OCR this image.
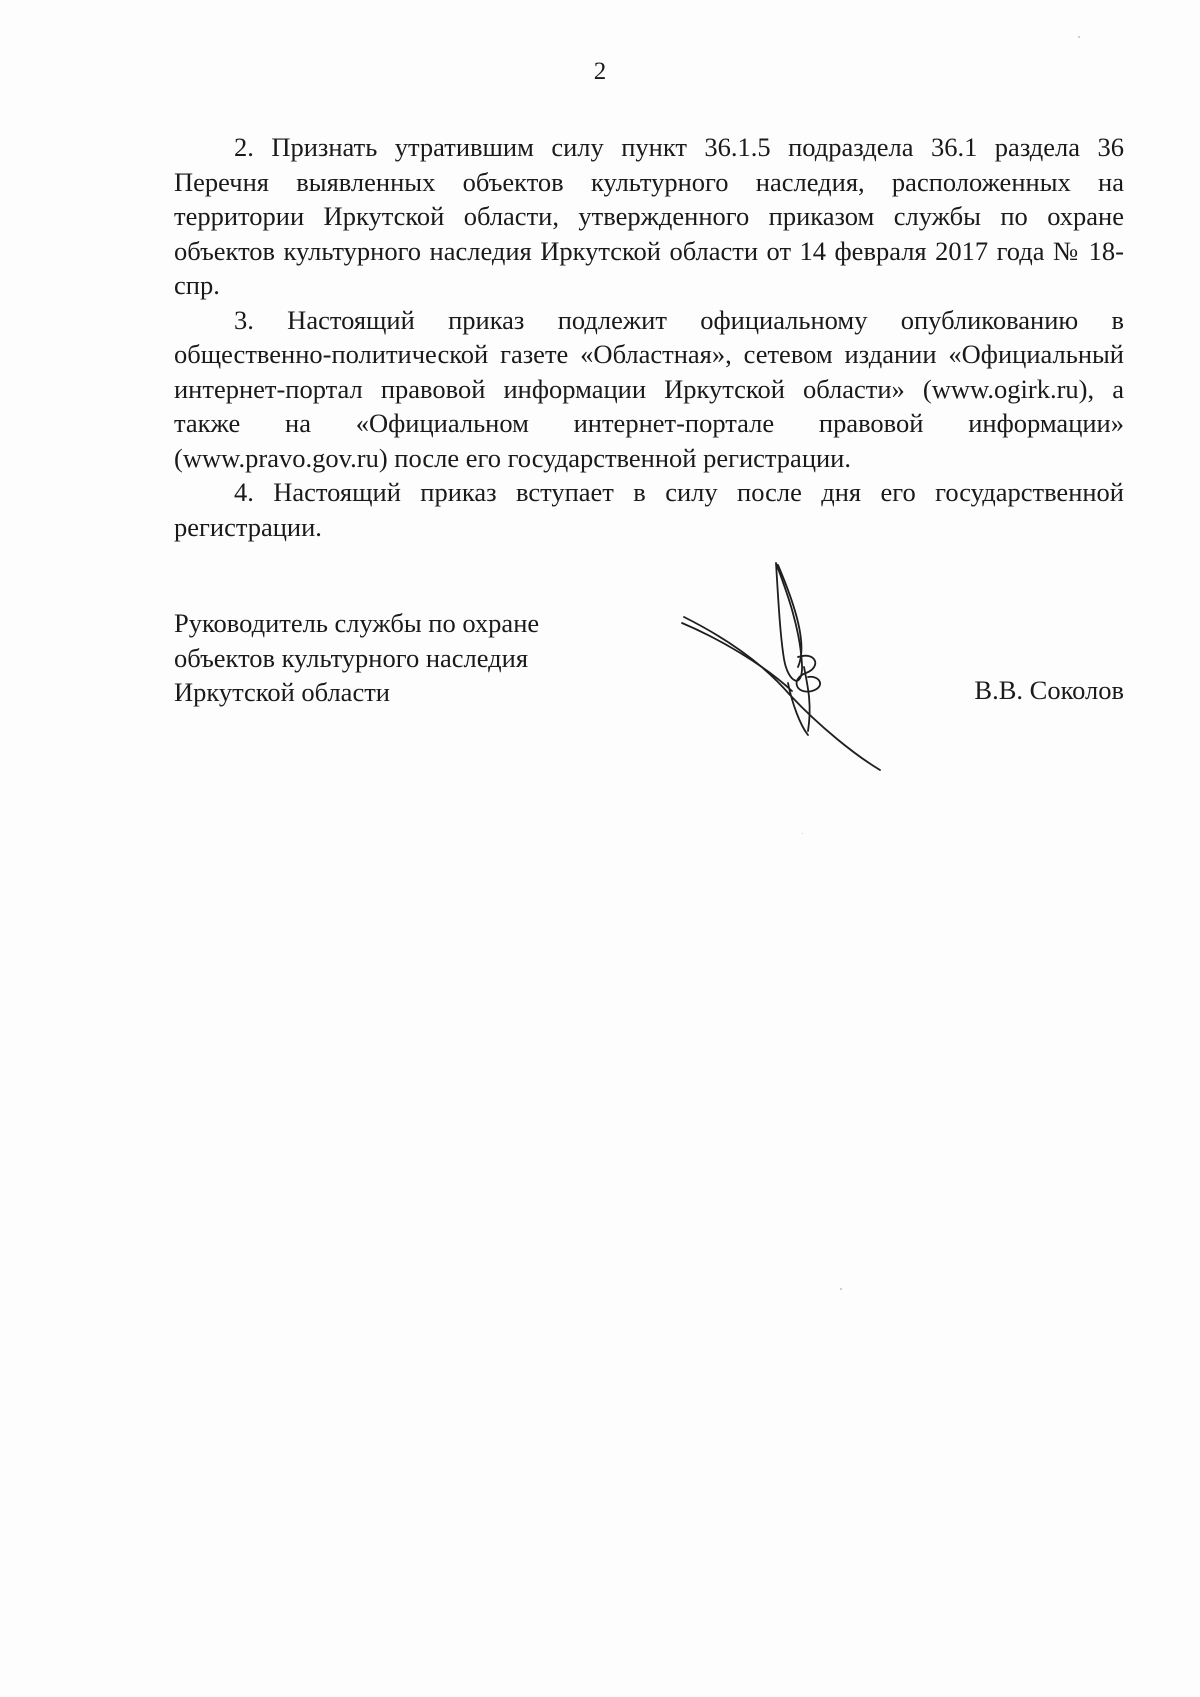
2

2. Признать утратившим силу пункт 36.1.5 подраздела 36.1 раздела 36 Перечня выявленных объектов культурного наследия, расположенных на территории Иркутской области, утвержденного приказом службы по охране объектов культурного наследия Иркутской области от 14 февраля 2017 года № 18-спр.

3. Настоящий приказ подлежит официальному опубликованию в общественно-политической газете «Областная», сетевом издании «Официальный интернет-портал правовой информации Иркутской области» (www.ogirk.ru), а также на «Официальном интернет-портале правовой информации» (www.pravo.gov.ru) после его государственной регистрации.

4. Настоящий приказ вступает в силу после дня его государственной регистрации.

Руководитель службы по охране
объектов культурного наследия
Иркутской области	В.В. Соколов
